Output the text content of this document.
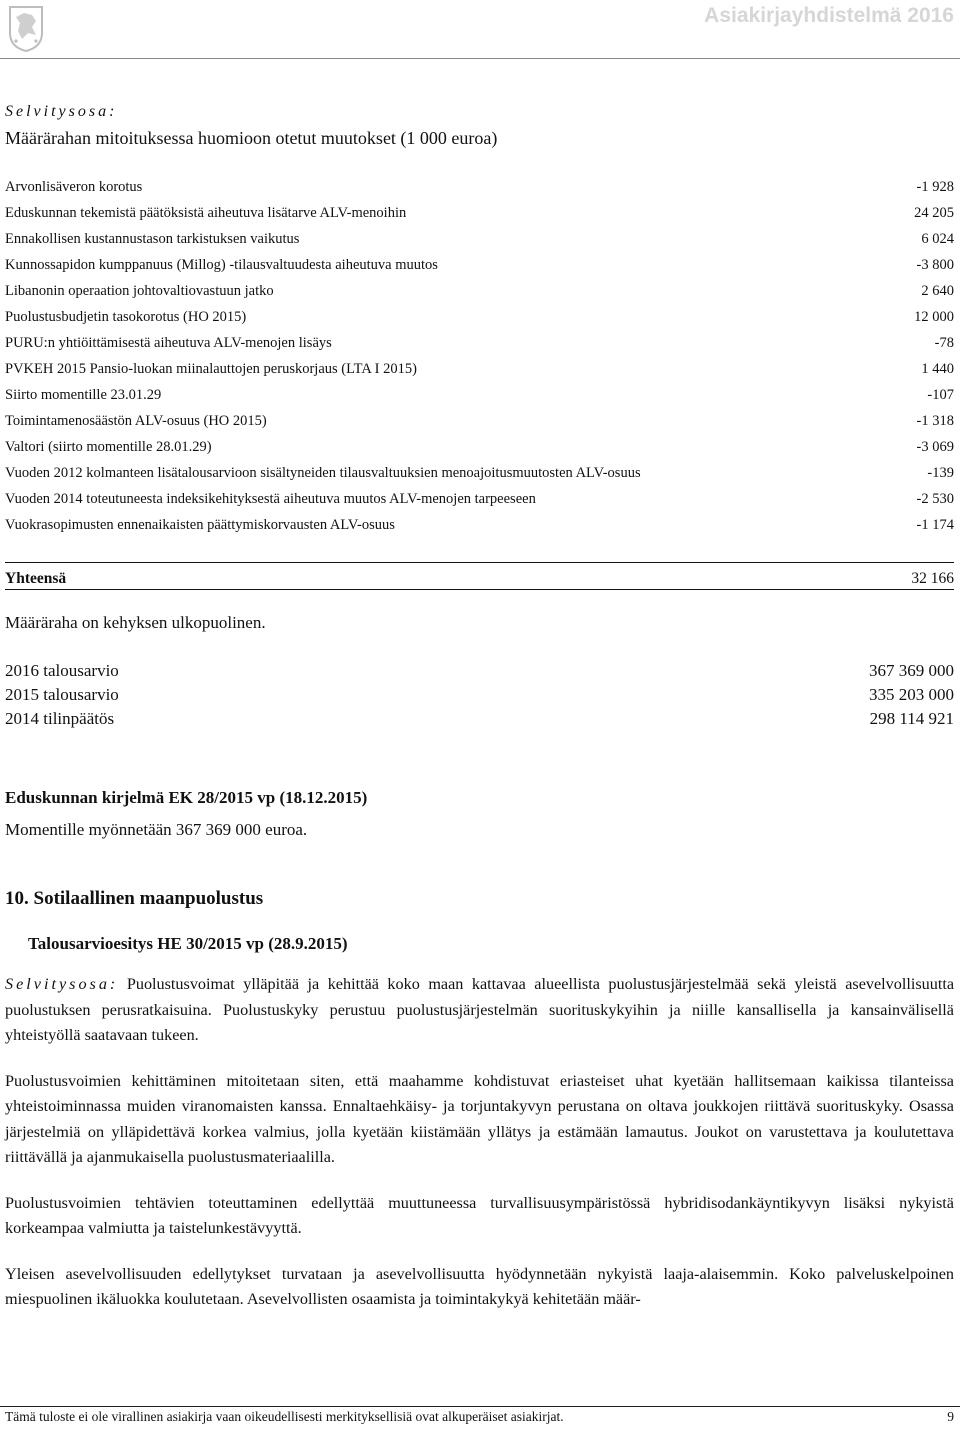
Asiakirjayhdistelmä 2016
Selvitysosa:
Määrärahan mitoituksessa huomioon otetut muutokset (1 000 euroa)
Arvonlisäveron korotus	-1 928
Eduskunnan tekemistä päätöksistä aiheutuva lisätarve ALV-menoihin	24 205
Ennakollisen kustannustason tarkistuksen vaikutus	6 024
Kunnossapidon kumppanuus (Millog) -tilausvaltuudesta aiheutuva muutos	-3 800
Libanonin operaation johtovaltiovastuun jatko	2 640
Puolustusbudjetin tasokorotus (HO 2015)	12 000
PURU:n yhtiöittämisestä aiheutuva ALV-menojen lisäys	-78
PVKEH 2015 Pansio-luokan miinalauttojen peruskorjaus (LTA I 2015)	1 440
Siirto momentille 23.01.29	-107
Toimintamenosäästön ALV-osuus (HO 2015)	-1 318
Valtori (siirto momentille 28.01.29)	-3 069
Vuoden 2012 kolmanteen lisätalousarvioon sisältyneiden tilausvaltuuksien menoajoitusmuutosten ALV-osuus	-139
Vuoden 2014 toteutuneesta indeksikehityksestä aiheutuva muutos ALV-menojen tarpeeseen	-2 530
Vuokrasopimusten ennenaikaisten päättymiskorvausten ALV-osuus	-1 174
Yhteensä	32 166
Määräraha on kehyksen ulkopuolinen.
2016 talousarvio	367 369 000
2015 talousarvio	335 203 000
2014 tilinpäätös	298 114 921
Eduskunnan kirjelmä EK 28/2015 vp (18.12.2015)
Momentille myönnetään 367 369 000 euroa.
10. Sotilaallinen maanpuolustus
Talousarvioesitys HE 30/2015 vp (28.9.2015)

Selvitysosa: Puolustusvoimat ylläpitää ja kehittää koko maan kattavaa alueellista puolustusjärjestelmää sekä yleistä asevelvollisuutta puolustuksen perusratkaisuina. Puolustuskyky perustuu puolustusjärjestelmän suorituskykyihin ja niille kansallisella ja kansainvälisellä yhteistyöllä saatavaan tukeen.

Puolustusvoimien kehittäminen mitoitetaan siten, että maahamme kohdistuvat eriasteiset uhat kyetään hallitsemaan kaikissa tilanteissa yhteistoiminnassa muiden viranomaisten kanssa. Ennaltaehkäisy- ja torjuntakyvyn perustana on oltava joukkojen riittävä suorituskyky. Osassa järjestelmiä on ylläpidettävä korkea valmius, jolla kyetään kiistämään yllätys ja estämään lamautus. Joukot on varustettava ja koulutettava riittävällä ja ajanmukaisella puolustusmateriaalilla.

Puolustusvoimien tehtävien toteuttaminen edellyttää muuttuneessa turvallisuusympäristössä hybridisodankäyntikyvyn lisäksi nykyistä korkeampaa valmiutta ja taistelunkestävyyttä.

Yleisen asevelvollisuuden edellytykset turvataan ja asevelvollisuutta hyödynnetään nykyistä laaja-alaisemmin. Koko palveluskelpoinen miespuolinen ikäluokka koulutetaan. Asevelvollisten osaamista ja toimintakykyä kehitetään määr-

Tämä tuloste ei ole virallinen asiakirja vaan oikeudellisesti merkityksellisiä ovat alkuperäiset asiakirjat.	9
